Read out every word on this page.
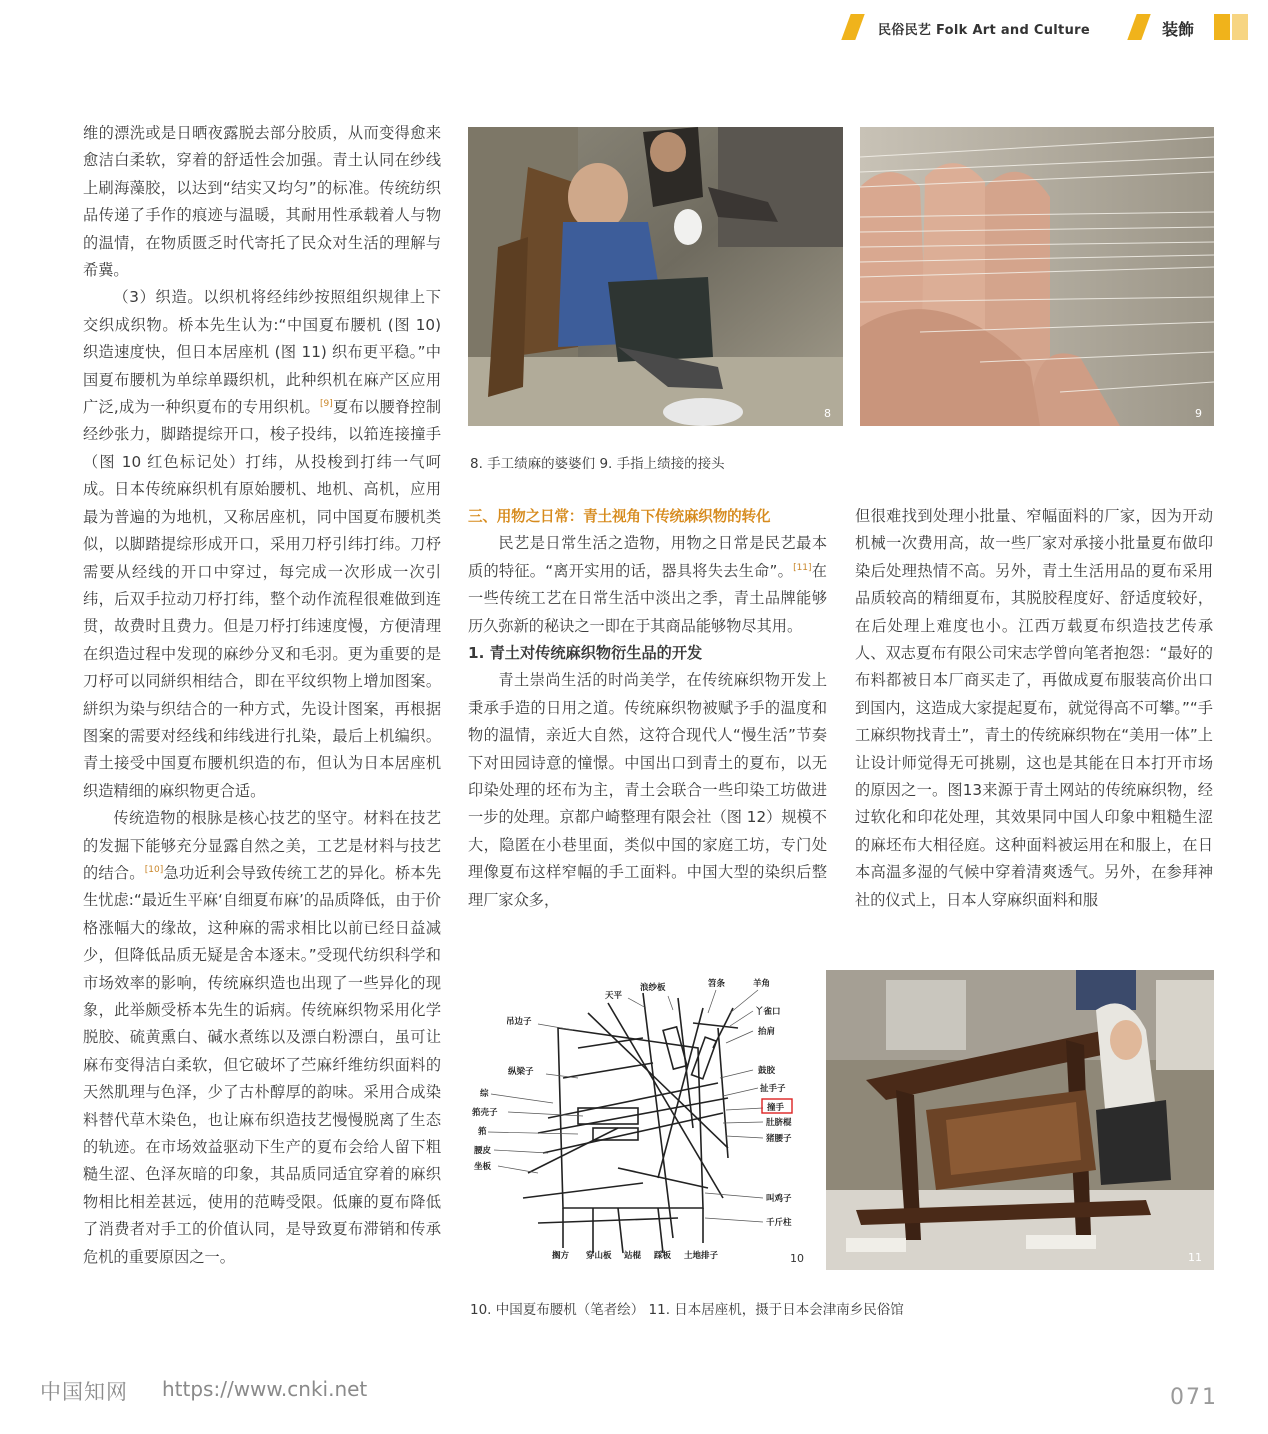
民俗民艺 Folk Art and Culture	装飾

维的漂洗或是日晒夜露脱去部分胶质，从而变得愈来愈洁白柔软，穿着的舒适性会加强。青土认同在纱线上刷海藻胶，以达到“结实又均匀”的标准。传统纺织品传递了手作的痕迹与温暖，其耐用性承载着人与物的温情，在物质匮乏时代寄托了民众对生活的理解与希冀。

（3）织造。以织机将经纬纱按照组织规律上下交织成织物。桥本先生认为:“中国夏布腰机 (图 10) 织造速度快，但日本居座机 (图 11) 织布更平稳。”中国夏布腰机为单综单蹑织机，此种织机在麻产区应用广泛,成为一种织夏布的专用织机。[9]夏布以腰脊控制经纱张力，脚踏提综开口，梭子投纬，以筘连接撞手（图 10 红色标记处）打纬，从投梭到打纬一气呵成。日本传统麻织机有原始腰机、地机、高机，应用最为普遍的为地机，又称居座机，同中国夏布腰机类似，以脚踏提综形成开口，采用刀杼引纬打纬。刀杼需要从经线的开口中穿过，每完成一次形成一次引纬，后双手拉动刀杼打纬，整个动作流程很难做到连贯，故费时且费力。但是刀杼打纬速度慢，方便清理在织造过程中发现的麻纱分叉和毛羽。更为重要的是刀杼可以同絣织相结合，即在平纹织物上增加图案。絣织为染与织结合的一种方式，先设计图案，再根据图案的需要对经线和纬线进行扎染，最后上机编织。青土接受中国夏布腰机织造的布，但认为日本居座机织造精细的麻织物更合适。

传统造物的根脉是核心技艺的坚守。材料在技艺的发掘下能够充分显露自然之美，工艺是材料与技艺的结合。[10]急功近利会导致传统工艺的异化。桥本先生忧虑:“最近生平麻‘自细夏布麻’的品质降低，由于价格涨幅大的缘故，这种麻的需求相比以前已经日益减少，但降低品质无疑是舍本逐末。”受现代纺织科学和市场效率的影响，传统麻织造也出现了一些异化的现象，此举颇受桥本先生的诟病。传统麻织物采用化学脱胶、硫黄熏白、碱水煮练以及漂白粉漂白，虽可让麻布变得洁白柔软，但它破坏了苎麻纤维纺织面料的天然肌理与色泽，少了古朴醇厚的韵味。采用合成染料替代草木染色，也让麻布织造技艺慢慢脱离了生态的轨迹。在市场效益驱动下生产的夏布会给人留下粗糙生涩、色泽灰暗的印象，其品质同适宜穿着的麻织物相比相差甚远，使用的范畴受限。低廉的夏布降低了消费者对手工的价值认同，是导致夏布滞销和传承危机的重要原因之一。

8	9
8. 手工绩麻的婆婆们 9. 手指上绩接的接头

三、用物之日常：青土视角下传统麻织物的转化

民艺是日常生活之造物，用物之日常是民艺最本质的特征。“离开实用的话，器具将失去生命”。[11]在一些传统工艺在日常生活中淡出之季，青土品牌能够历久弥新的秘诀之一即在于其商品能够物尽其用。

1. 青土对传统麻织物衍生品的开发

青土崇尚生活的时尚美学，在传统麻织物开发上秉承手造的日用之道。传统麻织物被赋予手的温度和物的温情，亲近大自然，这符合现代人“慢生活”节奏下对田园诗意的憧憬。中国出口到青土的夏布，以无印染处理的坯布为主，青土会联合一些印染工坊做进一步的处理。京都户崎整理有限会社（图 12）规模不大，隐匿在小巷里面，类似中国的家庭工坊，专门处理像夏布这样窄幅的手工面料。中国大型的染织后整理厂家众多，

但很难找到处理小批量、窄幅面料的厂家，因为开动机械一次费用高，故一些厂家对承接小批量夏布做印染后处理热情不高。另外，青土生活用品的夏布采用品质较高的精细夏布，其脱胶程度好、舒适度较好，在后处理上难度也小。江西万载夏布织造技艺传承人、双志夏布有限公司宋志学曾向笔者抱怨：“最好的布料都被日本厂商买走了，再做成夏布服装高价出口到国内，这造成大家提起夏布，就觉得高不可攀。”“手工麻织物找青土”，青土的传统麻织物在“美用一体”上让设计师觉得无可挑剔，这也是其能在日本打开市场的原因之一。图13来源于青土网站的传统麻织物，经过软化和印花处理，其效果同中国人印象中粗糙生涩的麻坯布大相径庭。这种面料被运用在和服上，在日本高温多湿的气候中穿着清爽透气。另外，在参拜神社的仪式上，日本人穿麻织面料和服

天平
浪纱板	笤条	羊角
吊边子
丫雀口
抬肩
纵梁子	鼓胶
扯手子
综
撞手
筘壳子
肚脐棍
筘
猪腰子
腰皮
坐板
叫鸡子
千斤柱
搁方 穿山板 站棍 踩板 土地排子	10	11
10. 中国夏布腰机（笔者绘） 11. 日本居座机，摄于日本会津南乡民俗馆
中国知网 https://www.cnki.net	071
